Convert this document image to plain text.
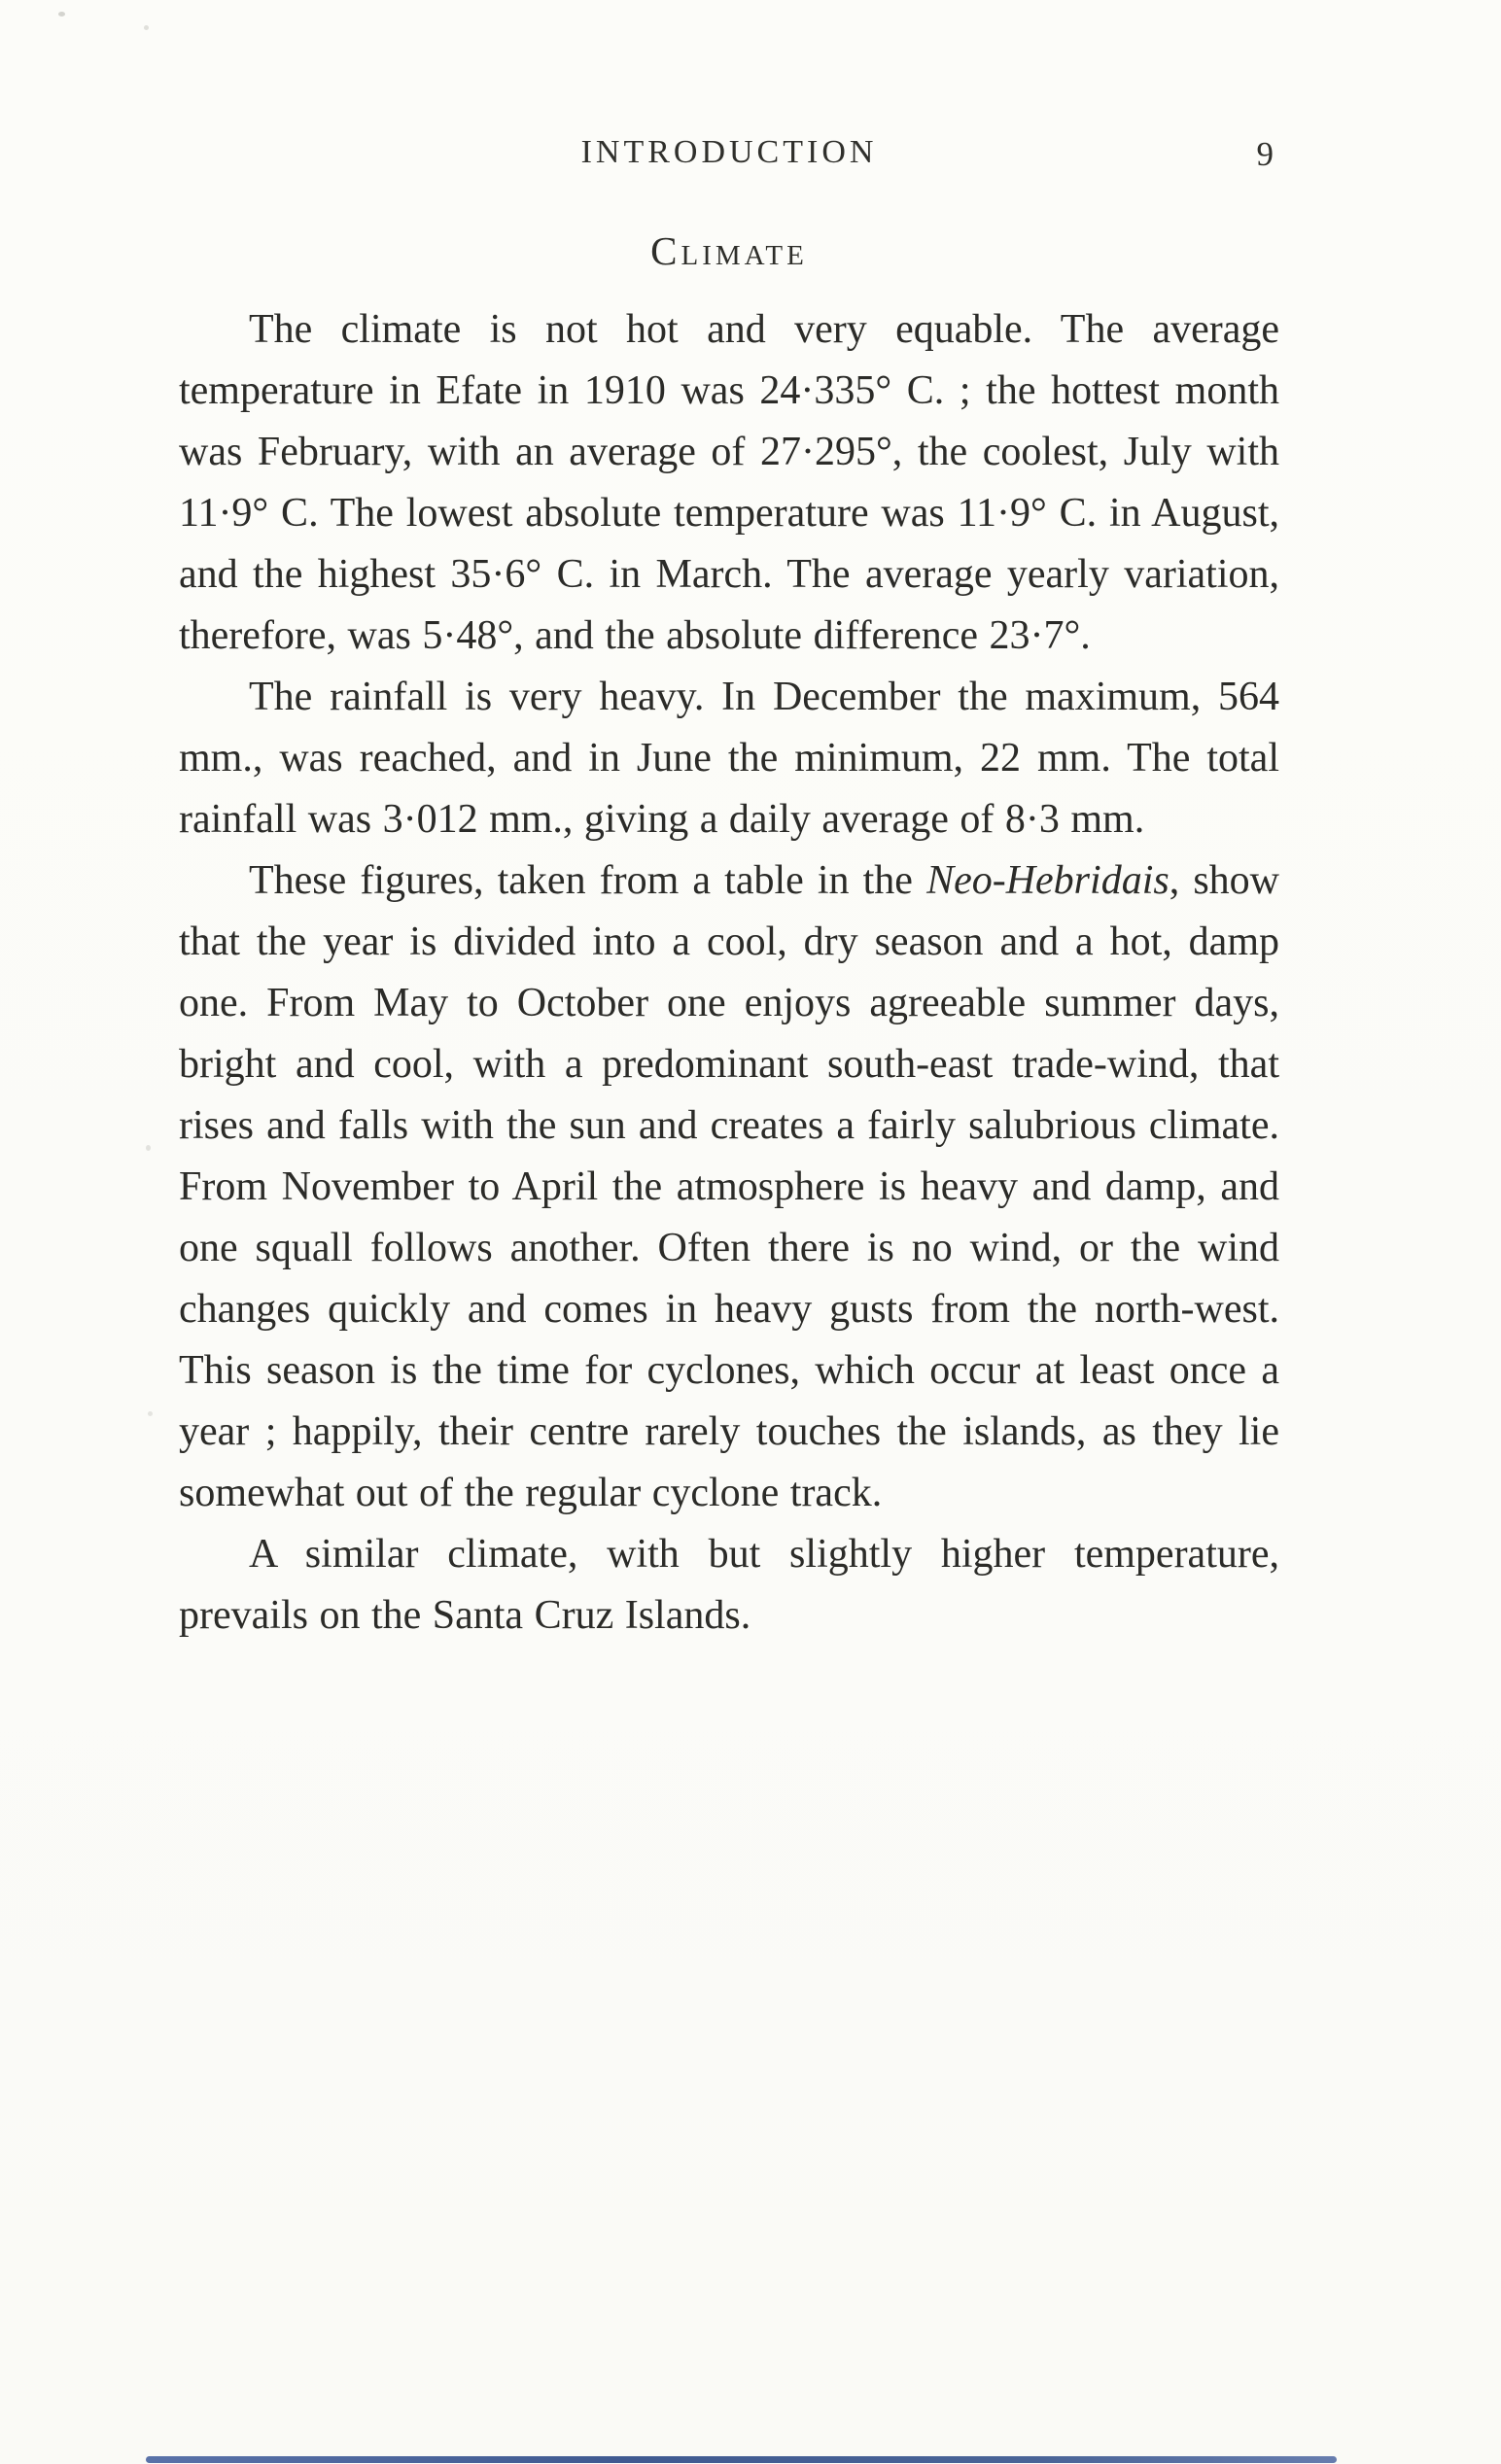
INTRODUCTION	9
Climate

The climate is not hot and very equable. The average temperature in Efate in 1910 was 24·335° C. ; the hottest month was February, with an average of 27·295°, the coolest, July with 11·9° C. The lowest absolute temperature was 11·9° C. in August, and the highest 35·6° C. in March. The average yearly variation, therefore, was 5·48°, and the absolute difference 23·7°.

The rainfall is very heavy. In December the maximum, 564 mm., was reached, and in June the minimum, 22 mm. The total rainfall was 3·012 mm., giving a daily average of 8·3 mm.

These figures, taken from a table in the Neo-Hebridais, show that the year is divided into a cool, dry season and a hot, damp one. From May to October one enjoys agreeable summer days, bright and cool, with a predominant south-east trade-wind, that rises and falls with the sun and creates a fairly salubrious climate. From November to April the atmosphere is heavy and damp, and one squall follows another. Often there is no wind, or the wind changes quickly and comes in heavy gusts from the north-west. This season is the time for cyclones, which occur at least once a year ; happily, their centre rarely touches the islands, as they lie somewhat out of the regular cyclone track.

A similar climate, with but slightly higher temperature, prevails on the Santa Cruz Islands.
